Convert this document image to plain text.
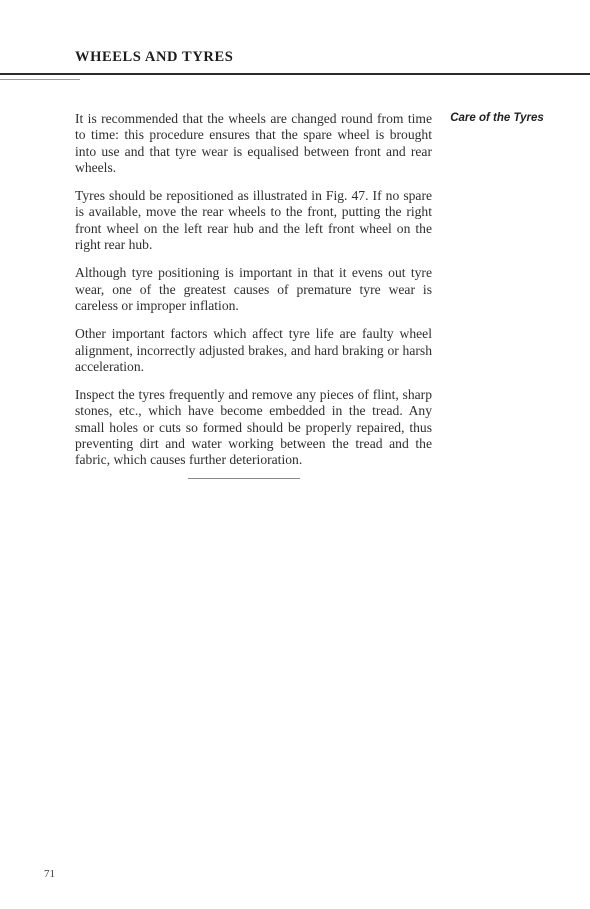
WHEELS AND TYRES

Care of the Tyres

It is recommended that the wheels are changed round from time to time: this procedure ensures that the spare wheel is brought into use and that tyre wear is equalised between front and rear wheels.

Tyres should be repositioned as illustrated in Fig. 47. If no spare is available, move the rear wheels to the front, putting the right front wheel on the left rear hub and the left front wheel on the right rear hub.

Although tyre positioning is important in that it evens out tyre wear, one of the greatest causes of premature tyre wear is careless or improper inflation.

Other important factors which affect tyre life are faulty wheel alignment, incorrectly adjusted brakes, and hard braking or harsh acceleration.

Inspect the tyres frequently and remove any pieces of flint, sharp stones, etc., which have become embedded in the tread. Any small holes or cuts so formed should be properly repaired, thus preventing dirt and water working between the tread and the fabric, which causes further deterioration.

71
